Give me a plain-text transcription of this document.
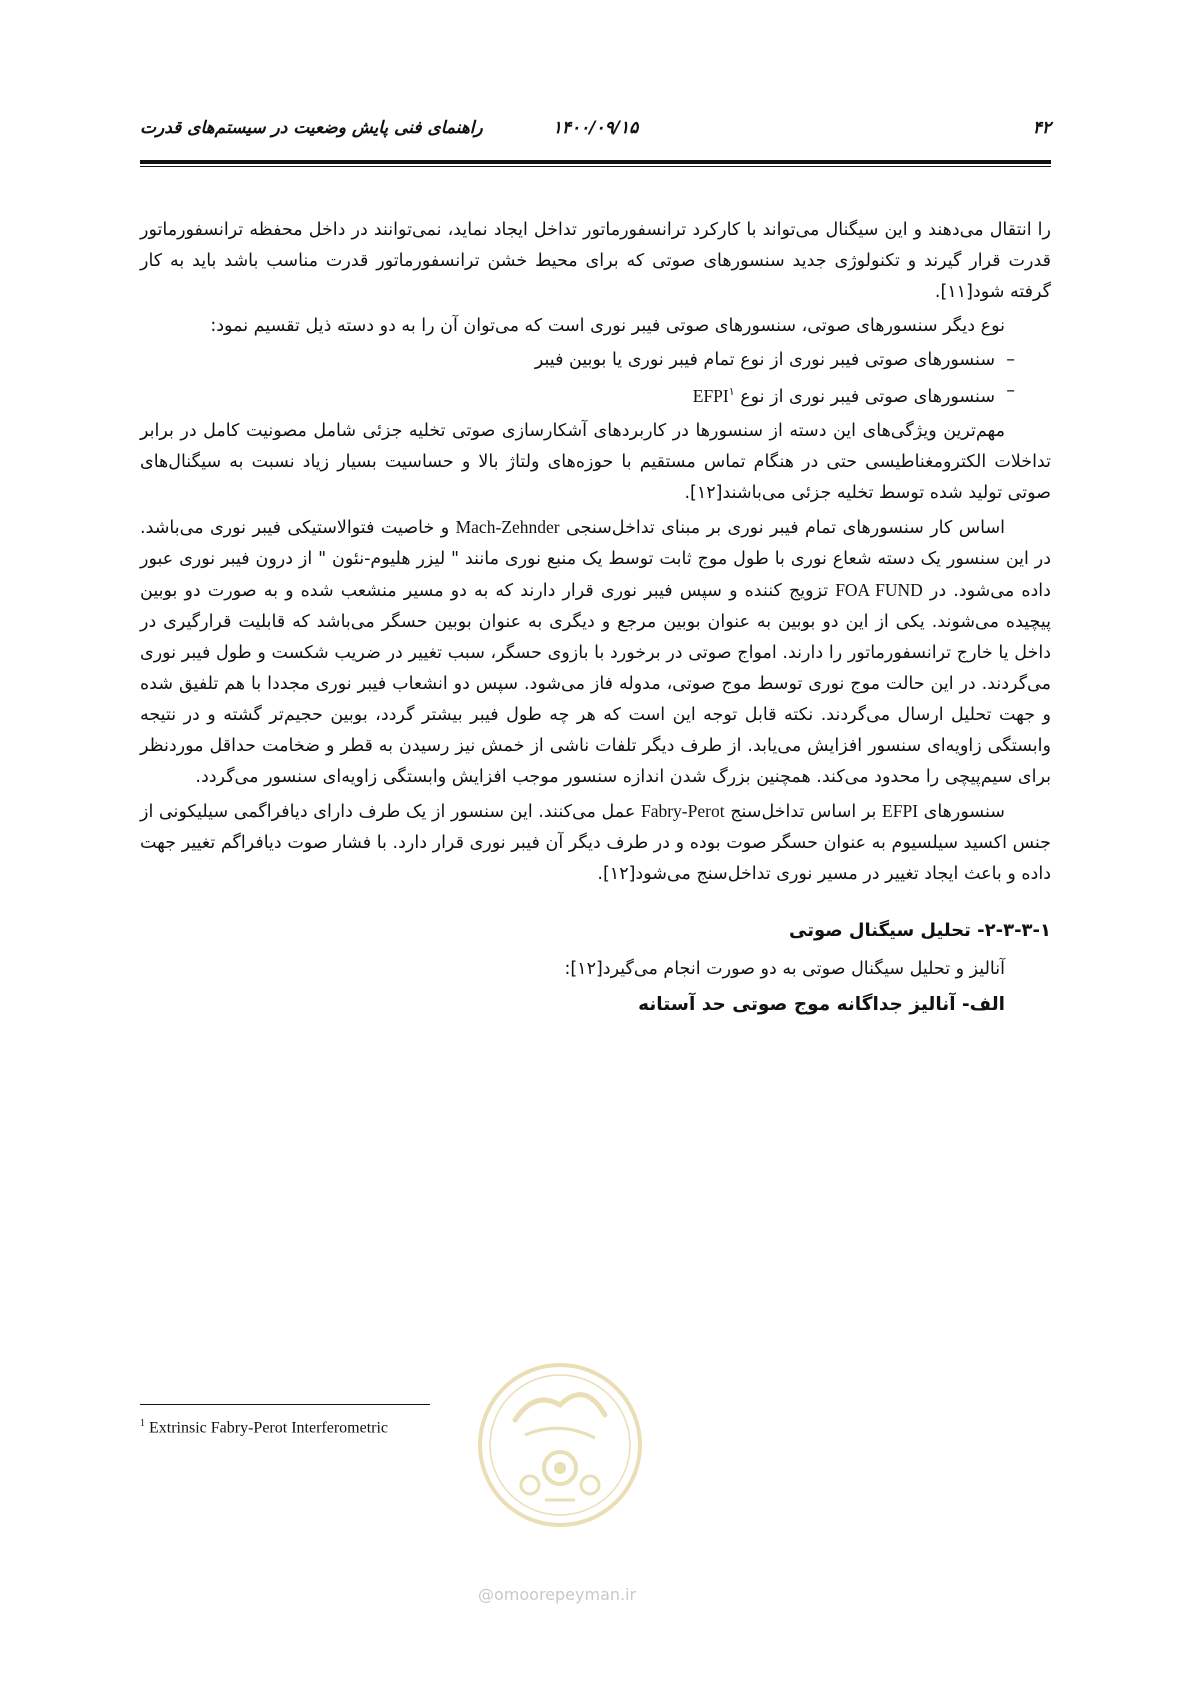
۴۲
۱۴۰۰/۰۹/۱۵
راهنمای فنی پایش وضعیت در سیستم‌های قدرت

را انتقال می‌دهند و این سیگنال می‌تواند با کارکرد ترانسفورماتور تداخل ایجاد نماید، نمی‌توانند در داخل محفظه ترانسفورماتور قدرت قرار گیرند و تکنولوژی جدید سنسورهای صوتی که برای محیط خشن ترانسفورماتور قدرت مناسب باشد باید به کار گرفته شود[۱۱].

نوع دیگر سنسورهای صوتی، سنسورهای صوتی فیبر نوری است که می‌توان آن را به دو دسته ذیل تقسیم نمود:

–
سنسورهای صوتی فیبر نوری از نوع تمام فیبر نوری یا بوبین فیبر
–
سنسورهای صوتی فیبر نوری از نوع EFPI$^۱$

مهم‌ترین ویژگی‌های این دسته از سنسورها در کاربردهای آشکارسازی صوتی تخلیه جزئی شامل مصونیت کامل در برابر تداخلات الکترومغناطیسی حتی در هنگام تماس مستقیم با حوزه‌های ولتاژ بالا و حساسیت بسیار زیاد نسبت به سیگنال‌های صوتی تولید شده توسط تخلیه جزئی می‌باشند[۱۲].

اساس کار سنسورهای تمام فیبر نوری بر مبنای تداخل‌سنجی Mach-Zehnder و خاصیت فتوالاستیکی فیبر نوری می‌باشد. در این سنسور یک دسته شعاع نوری با طول موج ثابت توسط یک منبع نوری مانند " لیزر هلیوم-نئون " از درون فیبر نوری عبور داده می‌شود. در FOA FUND تزویج کننده و سپس فیبر نوری قرار دارند که به دو مسیر منشعب شده و به صورت دو بوبین پیچیده می‌شوند. یکی از این دو بوبین به عنوان بوبین مرجع و دیگری به عنوان بوبین حسگر می‌باشد که قابلیت قرارگیری در داخل یا خارج ترانسفورماتور را دارند. امواج صوتی در برخورد با بازوی حسگر، سبب تغییر در ضریب شکست و طول فیبر نوری می‌گردند. در این حالت موج نوری توسط موج صوتی، مدوله فاز می‌شود. سپس دو انشعاب فیبر نوری مجددا با هم تلفیق شده و جهت تحلیل ارسال می‌گردند. نکته قابل توجه این است که هر چه طول فیبر بیشتر گردد، بوبین حجیم‌تر گشته و در نتیجه وابستگی زاویه‌ای سنسور افزایش می‌یابد. از طرف دیگر تلفات ناشی از خمش نیز رسیدن به قطر و ضخامت حداقل موردنظر برای سیم‌پیچی را محدود می‌کند. همچنین بزرگ شدن اندازه سنسور موجب افزایش وابستگی زاویه‌ای سنسور می‌گردد.

سنسورهای EFPI بر اساس تداخل‌سنج Fabry-Perot عمل می‌کنند. این سنسور از یک طرف دارای دیافراگمی سیلیکونی از جنس اکسید سیلسیوم به عنوان حسگر صوت بوده و در طرف دیگر آن فیبر نوری قرار دارد. با فشار صوت دیافراگم تغییر جهت داده و باعث ایجاد تغییر در مسیر نوری تداخل‌سنج می‌شود[۱۲].

۲-۳-۳-۱- تحلیل سیگنال صوتی

آنالیز و تحلیل سیگنال صوتی به دو صورت انجام می‌گیرد[۱۲]:

الف- آنالیز جداگانه موج صوتی حد آستانه
$^1$ Extrinsic Fabry-Perot Interferometric
@omoorepeyman.ir
